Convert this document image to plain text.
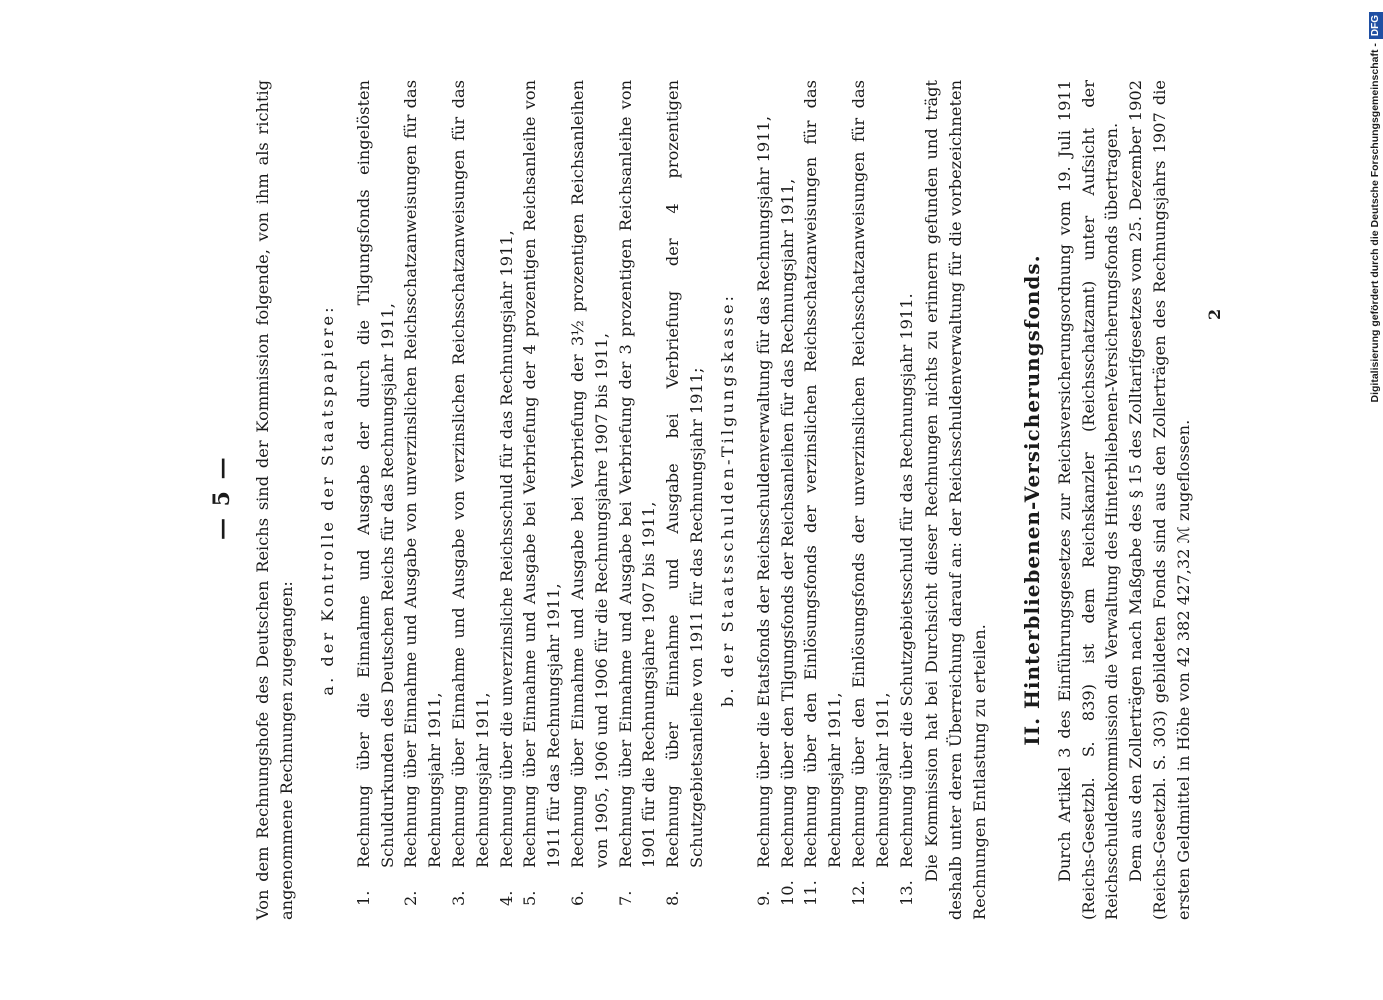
— 5 — Von dem Rechnungshofe des Deutschen Reichs sind der Kommission folgende, von ihm als richtig angenommene Rechnungen zugegangen:

a. der Kontrolle der Staatspapiere:

1.
Rechnung über die Einnahme und Ausgabe der durch die Tilgungsfonds eingelösten Schuldurkunden des Deutschen Reichs für das Rechnungsjahr 1911,
2.
Rechnung über Einnahme und Ausgabe von unverzinslichen Reichsschatzanweisungen für das Rechnungsjahr 1911,
3.
Rechnung über Einnahme und Ausgabe von verzinslichen Reichsschatzanweisungen für das Rechnungsjahr 1911,
4.
Rechnung über die unverzinsliche Reichsschuld für das Rechnungsjahr 1911,
5.
Rechnung über Einnahme und Ausgabe bei Verbriefung der 4 prozentigen Reichsanleihe von 1911 für das Rechnungsjahr 1911,
6.
Rechnung über Einnahme und Ausgabe bei Verbriefung der 3½ prozentigen Reichsanleihen von 1905, 1906 und 1906 für die Rechnungsjahre 1907 bis 1911,
7.
Rechnung über Einnahme und Ausgabe bei Verbriefung der 3 prozentigen Reichsanleihe von 1901 für die Rechnungsjahre 1907 bis 1911,
8.
Rechnung über Einnahme und Ausgabe bei Verbriefung der 4 prozentigen Schutzgebietsanleihe von 1911 für das Rechnungsjahr 1911; b. der Staatsschulden-Tilgungskasse:

9.
Rechnung über die Etatsfonds der Reichsschuldenverwaltung für das Rechnungsjahr 1911,
10.
Rechnung über den Tilgungsfonds der Reichsanleihen für das Rechnungsjahr 1911,
11.
Rechnung über den Einlösungsfonds der verzinslichen Reichsschatzanweisungen für das Rechnungsjahr 1911,
12.
Rechnung über den Einlösungsfonds der unverzinslichen Reichsschatzanweisungen für das Rechnungsjahr 1911,
13.
Rechnung über die Schutzgebietsschuld für das Rechnungsjahr 1911. Die Kommission hat bei Durchsicht dieser Rechnungen nichts zu erinnern gefunden und trägt deshalb unter deren Überreichung darauf an: der Reichsschuldenverwaltung für die vorbezeichneten Rechnungen Entlastung zu erteilen.

II. Hinterbliebenen-Versicherungsfonds. Durch Artikel 3 des Einführungsgesetzes zur Reichsversicherungsordnung vom 19. Juli 1911 (Reichs-Gesetzbl. S. 839) ist dem Reichskanzler (Reichsschatzamt) unter Aufsicht der Reichsschuldenkommission die Verwaltung des Hinterbliebenen-Versicherungsfonds übertragen. Dem aus den Zollerträgen nach Maßgabe des § 15 des Zolltarifgesetzes vom 25. Dezember 1902 (Reichs-Gesetzbl. S. 303) gebildeten Fonds sind aus den Zollerträgen des Rechnungsjahrs 1907 die ersten Geldmittel in Höhe von 42 382 427,32 ℳ zugeflossen.

2	Digitalisierung gefördert durch die Deutsche Forschungsgemeinschaft -DFG
